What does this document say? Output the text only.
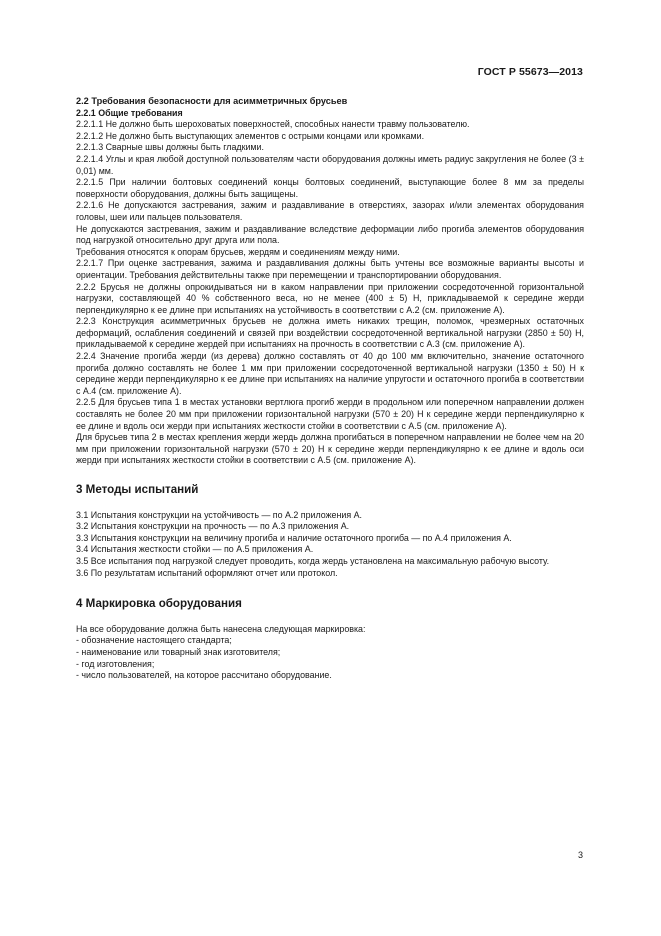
ГОСТ Р 55673—2013

2.2 Требования безопасности для асимметричных брусьев

2.2.1 Общие требования

2.2.1.1 Не должно быть шероховатых поверхностей, способных нанести травму пользователю.

2.2.1.2 Не должно быть выступающих элементов с острыми концами или кромками.

2.2.1.3 Сварные швы должны быть гладкими.

2.2.1.4 Углы и края любой доступной пользователям части оборудования должны иметь радиус закругления не более (3 ± 0,01) мм.

2.2.1.5 При наличии болтовых соединений концы болтовых соединений, выступающие более 8 мм за пределы поверхности оборудования, должны быть защищены.

2.2.1.6 Не допускаются застревания, зажим и раздавливание в отверстиях, зазорах и/или элементах оборудования головы, шеи или пальцев пользователя.

Не допускаются застревания, зажим и раздавливание вследствие деформации либо прогиба элементов оборудования под нагрузкой относительно друг друга или пола.

Требования относятся к опорам брусьев, жердям и соединениям между ними.

2.2.1.7 При оценке застревания, зажима и раздавливания должны быть учтены все возможные варианты высоты и ориентации. Требования действительны также при перемещении и транспортировании оборудования.

2.2.2 Брусья не должны опрокидываться ни в каком направлении при приложении сосредоточенной горизонтальной нагрузки, составляющей 40 % собственного веса, но не менее (400 ± 5) Н, прикладываемой к середине жерди перпендикулярно к ее длине при испытаниях на устойчивость в соответствии с А.2 (см. приложение А).

2.2.3 Конструкция асимметричных брусьев не должна иметь никаких трещин, поломок, чрезмерных остаточных деформаций, ослабления соединений и связей при воздействии сосредоточенной вертикальной нагрузки (2850 ± 50) Н, прикладываемой к середине жердей при испытаниях на прочность в соответствии с А.3 (см. приложение А).

2.2.4 Значение прогиба жерди (из дерева) должно составлять от 40 до 100 мм включительно, значение остаточного прогиба должно составлять не более 1 мм при приложении сосредоточенной вертикальной нагрузки (1350 ± 50) Н к середине жерди перпендикулярно к ее длине при испытаниях на наличие упругости и остаточного прогиба в соответствии с А.4 (см. приложение А).

2.2.5 Для брусьев типа 1 в местах установки вертлюга прогиб жерди в продольном или поперечном направлении должен составлять не более 20 мм при приложении горизонтальной нагрузки (570 ± 20) Н к середине жерди перпендикулярно к ее длине и вдоль оси жерди при испытаниях жесткости стойки в соответствии с А.5 (см. приложение А).

Для брусьев типа 2 в местах крепления жерди жердь должна прогибаться в поперечном направлении не более чем на 20 мм при приложении горизонтальной нагрузки (570 ± 20) Н к середине жерди перпендикулярно к ее длине и вдоль оси жерди при испытаниях жесткости стойки в соответствии с А.5 (см. приложение А).

3 Методы испытаний

3.1 Испытания конструкции на устойчивость — по А.2 приложения А.

3.2 Испытания конструкции на прочность — по А.3 приложения А.

3.3 Испытания конструкции на величину прогиба и наличие остаточного прогиба — по А.4 приложения А.

3.4 Испытания жесткости стойки — по А.5 приложения А.

3.5 Все испытания под нагрузкой следует проводить, когда жердь установлена на максимальную рабочую высоту.

3.6 По результатам испытаний оформляют отчет или протокол.

4 Маркировка оборудования

На все оборудование должна быть нанесена следующая маркировка:

- обозначение настоящего стандарта;

- наименование или товарный знак изготовителя;

- год изготовления;

- число пользователей, на которое рассчитано оборудование.

3
